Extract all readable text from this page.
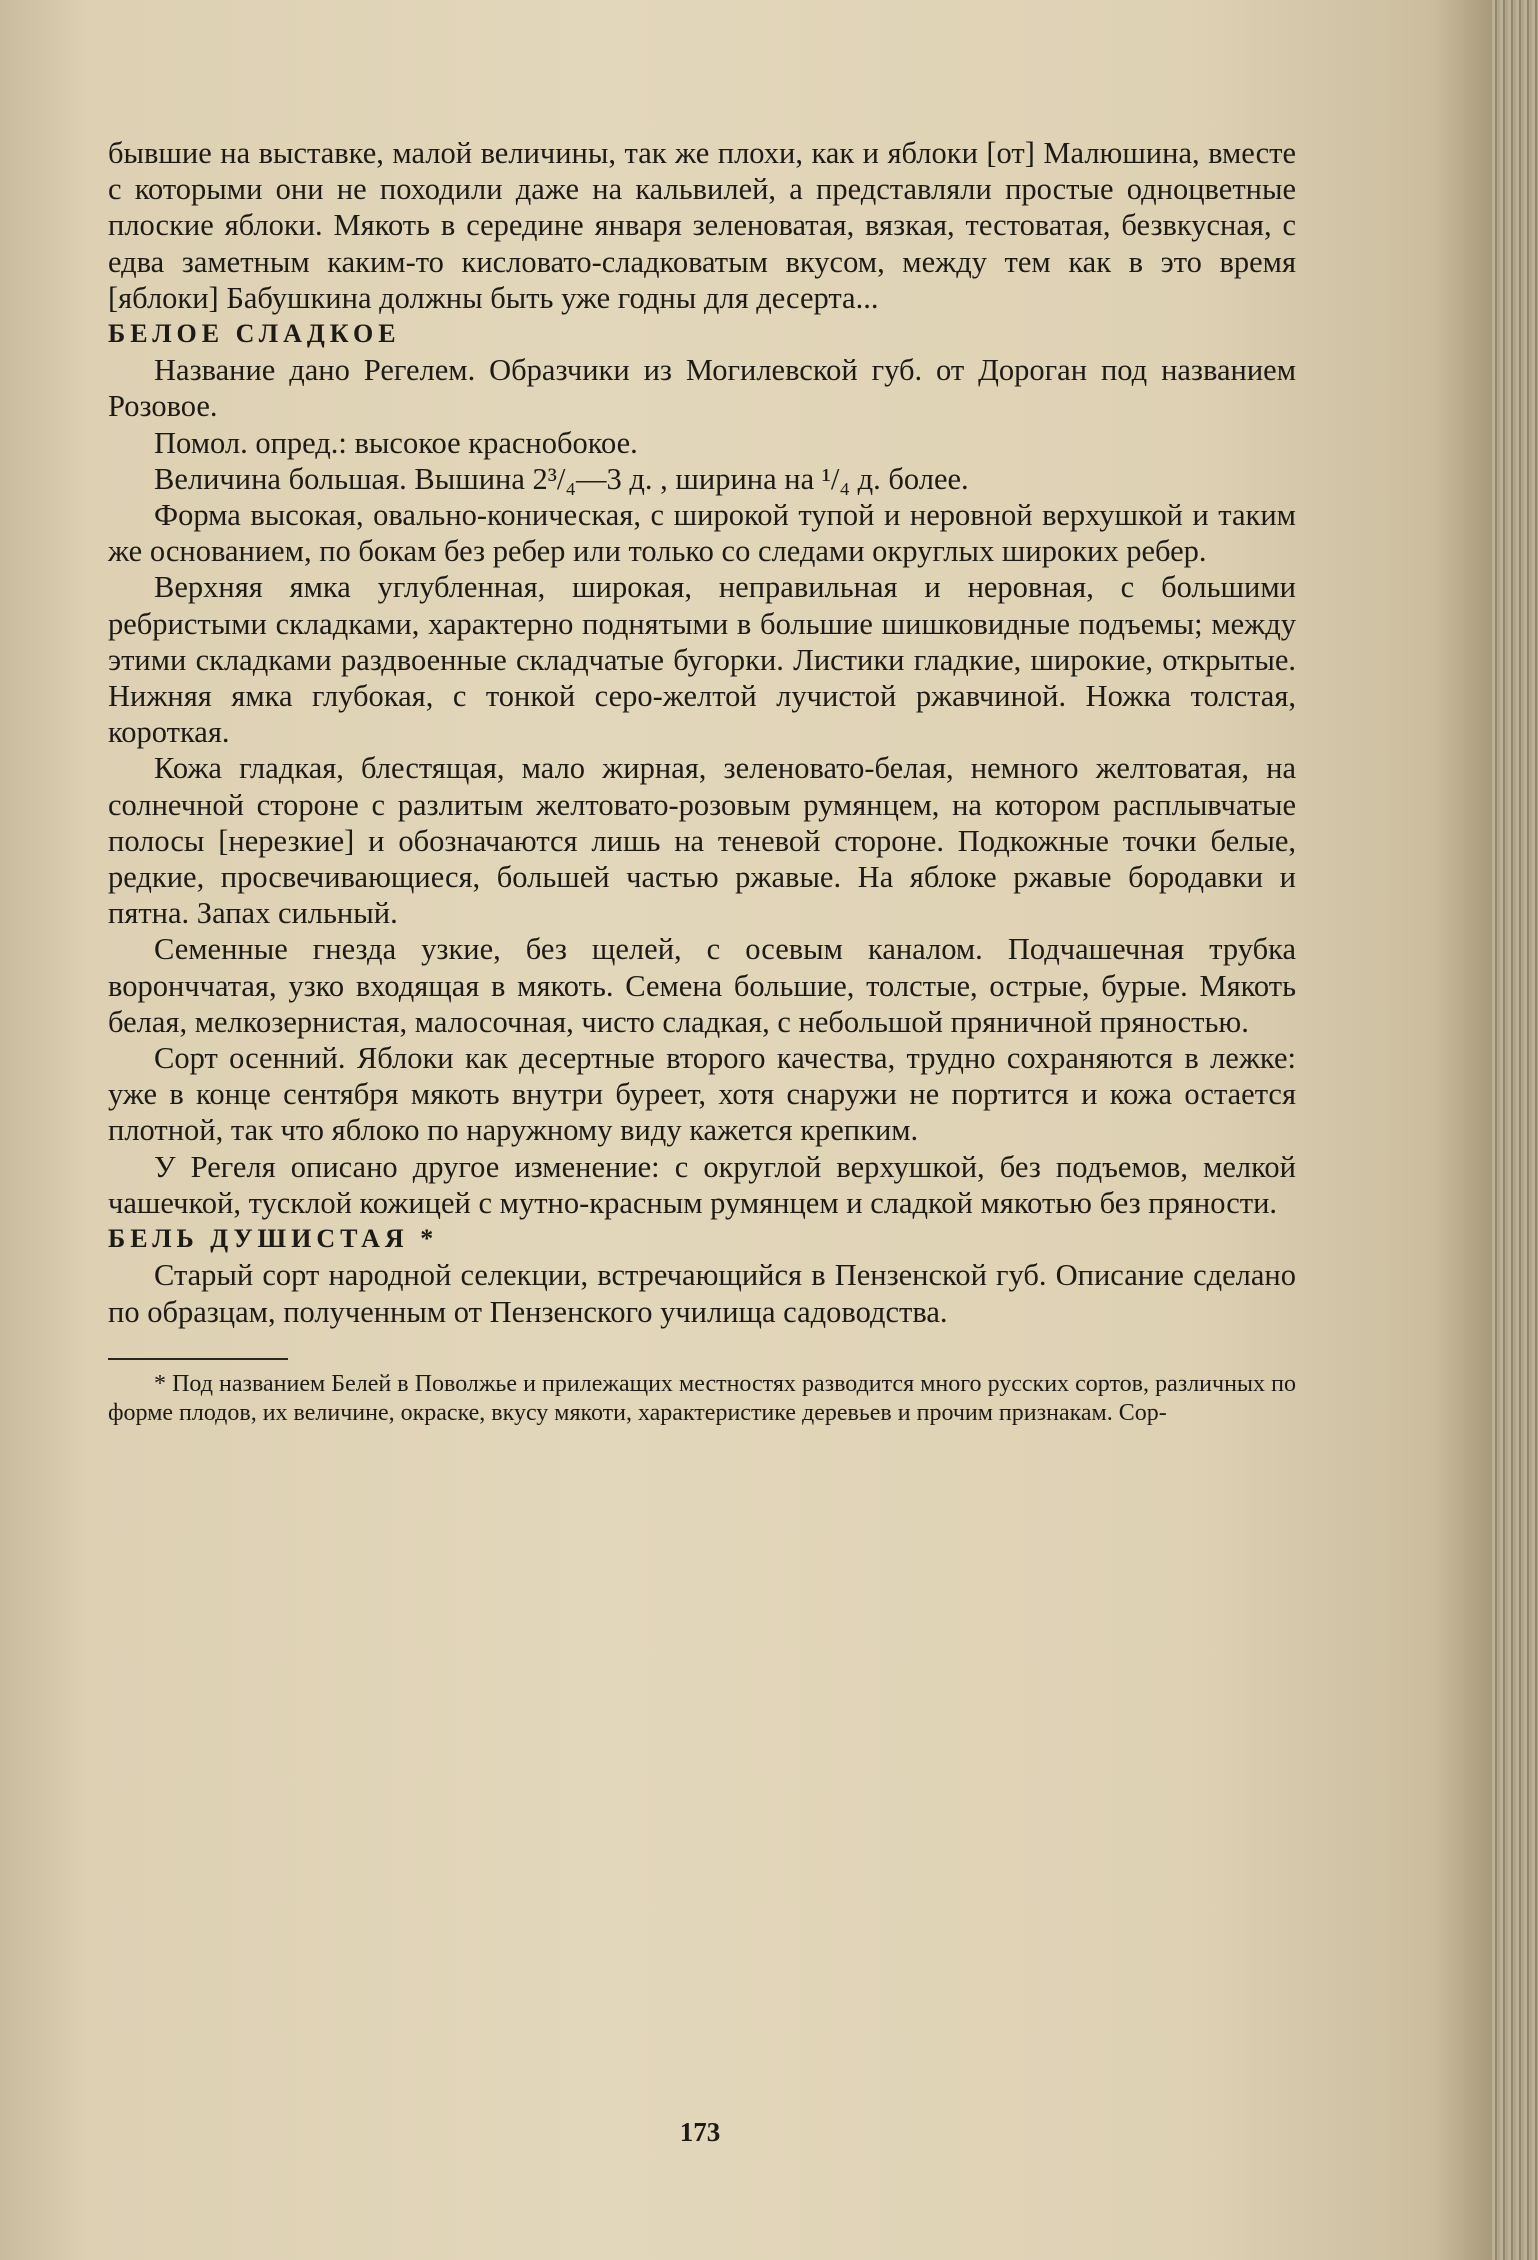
бывшие на выставке, малой величины, так же плохи, как и яблоки [от] Малюшина, вместе с которыми они не походили даже на кальвилей, а представляли простые одноцветные плоские яблоки. Мякоть в середине января зеленоватая, вязкая, тестоватая, безвкусная, с едва заметным каким-то кисловато-сладковатым вкусом, между тем как в это время [яблоки] Бабушкина должны быть уже годны для десерта...

БЕЛОЕ СЛАДКОЕ

Название дано Регелем. Образчики из Могилевской губ. от Дороган под названием Розовое.

Помол. опред.: высокое краснобокое.

Величина большая. Вышина 2³/₄—3 д. , ширина на ¹/₄ д. более.

Форма высокая, овально-коническая, с широкой тупой и неровной верхушкой и таким же основанием, по бокам без ребер или только со следами округлых широких ребер.

Верхняя ямка углубленная, широкая, неправильная и неровная, с большими ребристыми складками, характерно поднятыми в большие шишковидные подъемы; между этими складками раздвоенные складчатые бугорки. Листики гладкие, широкие, открытые. Нижняя ямка глубокая, с тонкой серо-желтой лучистой ржавчиной. Ножка толстая, короткая.

Кожа гладкая, блестящая, мало жирная, зеленовато-белая, немного желтоватая, на солнечной стороне с разлитым желтовато-розовым румянцем, на котором расплывчатые полосы [нерезкие] и обозначаются лишь на теневой стороне. Подкожные точки белые, редкие, просвечивающиеся, большей частью ржавые. На яблоке ржавые бородавки и пятна. Запах сильный.

Семенные гнезда узкие, без щелей, с осевым каналом. Подчашечная трубка воронччатая, узко входящая в мякоть. Семена большие, толстые, острые, бурые. Мякоть белая, мелкозернистая, малосочная, чисто сладкая, с небольшой пряничной пряностью.

Сорт осенний. Яблоки как десертные второго качества, трудно сохраняются в лежке: уже в конце сентября мякоть внутри буреет, хотя снаружи не портится и кожа остается плотной, так что яблоко по наружному виду кажется крепким.

У Регеля описано другое изменение: с округлой верхушкой, без подъемов, мелкой чашечкой, тусклой кожицей с мутно-красным румянцем и сладкой мякотью без пряности.

БЕЛЬ ДУШИСТАЯ *

Старый сорт народной селекции, встречающийся в Пензенской губ. Описание сделано по образцам, полученным от Пензенского училища садоводства.

* Под названием Белей в Поволжье и прилежащих местностях разводится много русских сортов, различных по форме плодов, их величине, окраске, вкусу мякоти, характеристике деревьев и прочим признакам. Сор-

173
